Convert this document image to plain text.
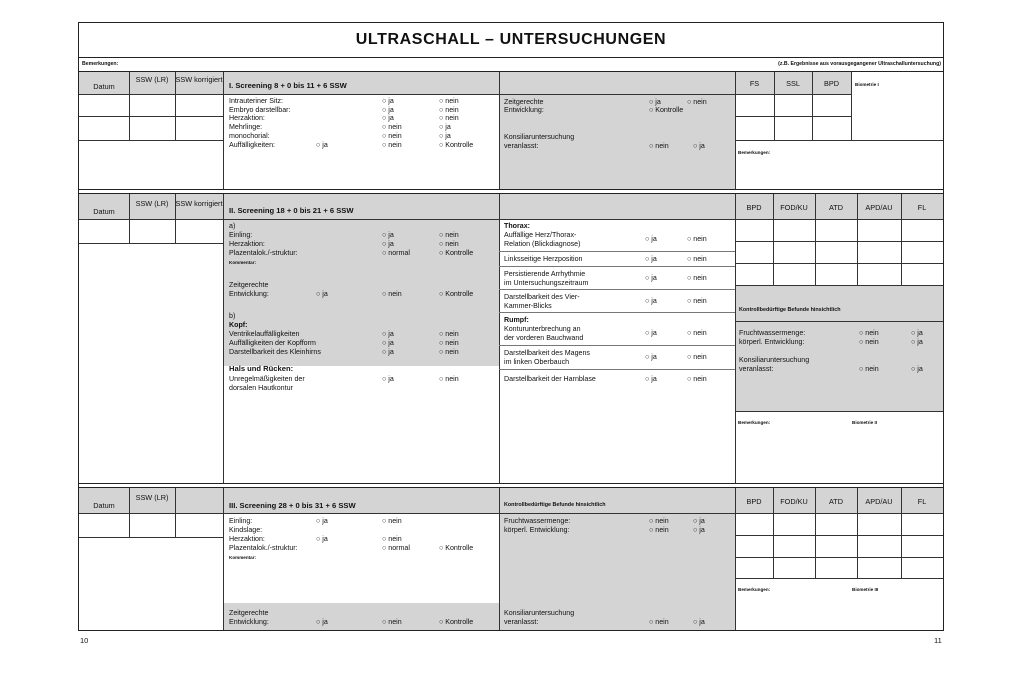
ULTRASCHALL – UNTERSUCHUNGEN
Bemerkungen:	(z.B. Ergebnisse aus vorausgegangener Ultraschalluntersuchung)
Datum
SSW (LR) SSW korrigiert
I. Screening 8 + 0 bis 11 + 6 SSW
Intrauteriner Sitz:	○ ja	○ nein
Embryo darstellbar:	○ ja	○ nein
Herzaktion:	○ ja	○ nein
Mehrlinge:	○ nein	○ ja
monochorial:	○ nein	○ ja
Auffälligkeiten:	○ ja	○ nein	○ Kontrolle
Zeitgerechte
Entwicklung:
○ ja	○ nein
○ Kontrolle
Konsiliaruntersuchung
veranlasst:	○ nein	○ ja
FS	SSL	BPD	Biometrie I
Bemerkungen:
Datum
SSW (LR) SSW korrigiert
II. Screening 18 + 0 bis 21 + 6 SSW
a)
Einling:	○ ja	○ nein
Herzaktion:	○ ja	○ nein
Plazentalok./-struktur:	○ normal	○ Kontrolle
Kommentar:
Zeitgerechte
Entwicklung:	○ ja	○ nein	○ Kontrolle
b)
Kopf:
Ventrikelauffälligkeiten	○ ja	○ nein
Auffälligkeiten der Kopfform	○ ja	○ nein
Darstellbarkeit des Kleinhirns	○ ja	○ nein
Hals und Rücken:
Unregelmäßigkeiten der
dorsalen Hautkontur
○ ja	○ nein
Thorax:
Auffällige Herz/Thorax-
Relation (Blickdiagnose)
○ ja	○ nein
Linksseitige Herzposition	○ ja	○ nein
Persistierende Arrhythmie
im Untersuchungszeitraum
○ ja	○ nein
Darstellbarkeit des Vier-
Kammer-Blicks
○ ja	○ nein
Rumpf:
Konturunterbrechung an
der vorderen Bauchwand
○ ja	○ nein
Darstellbarkeit des Magens
im linken Oberbauch
○ ja	○ nein
Darstellbarkeit der Harnblase	○ ja	○ nein
BPD	FOD/KU	ATD	APD/AU	FL
Kontrollbedürftige Befunde hinsichtlich
Fruchtwassermenge:	○ nein	○ ja
körperl. Entwicklung:	○ nein	○ ja
Konsiliaruntersuchung
veranlasst:	○ nein	○ ja
Bemerkungen:	Biometrie II
Datum
SSW (LR)
III. Screening 28 + 0 bis 31 + 6 SSW	Kontrollbedürftige Befunde hinsichtlich
Einling:	○ ja	○ nein
Kindslage:
Herzaktion:	○ ja	○ nein
Plazentalok./-struktur:	○ normal	○ Kontrolle
Kommentar:
Zeitgerechte
Entwicklung:	○ ja	○ nein	○ Kontrolle
Fruchtwassermenge:	○ nein	○ ja
körperl. Entwicklung:	○ nein	○ ja
Konsiliaruntersuchung
veranlasst:	○ nein	○ ja
BPD	FOD/KU	ATD	APD/AU	FL
Bemerkungen:	Biometrie III
10	11
